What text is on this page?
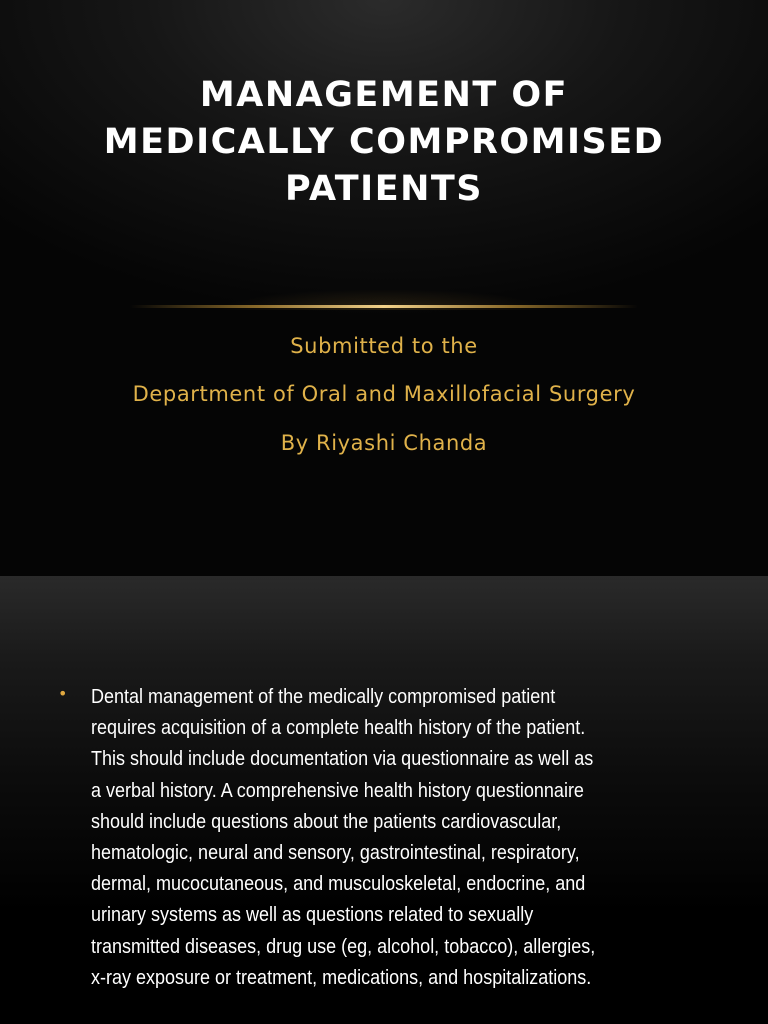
MANAGEMENT OF
MEDICALLY COMPROMISED
PATIENTS

Submitted to the

Department of Oral and Maxillofacial Surgery

By Riyashi Chanda

• Dental management of the medically compromised patient
requires acquisition of a complete health history of the patient.
This should include documentation via questionnaire as well as
a verbal history. A comprehensive health history questionnaire
should include questions about the patients cardiovascular,
hematologic, neural and sensory, gastrointestinal, respiratory,
dermal, mucocutaneous, and musculoskeletal, endocrine, and
urinary systems as well as questions related to sexually
transmitted diseases, drug use (eg, alcohol, tobacco), allergies,
x-ray exposure or treatment, medications, and hospitalizations.
